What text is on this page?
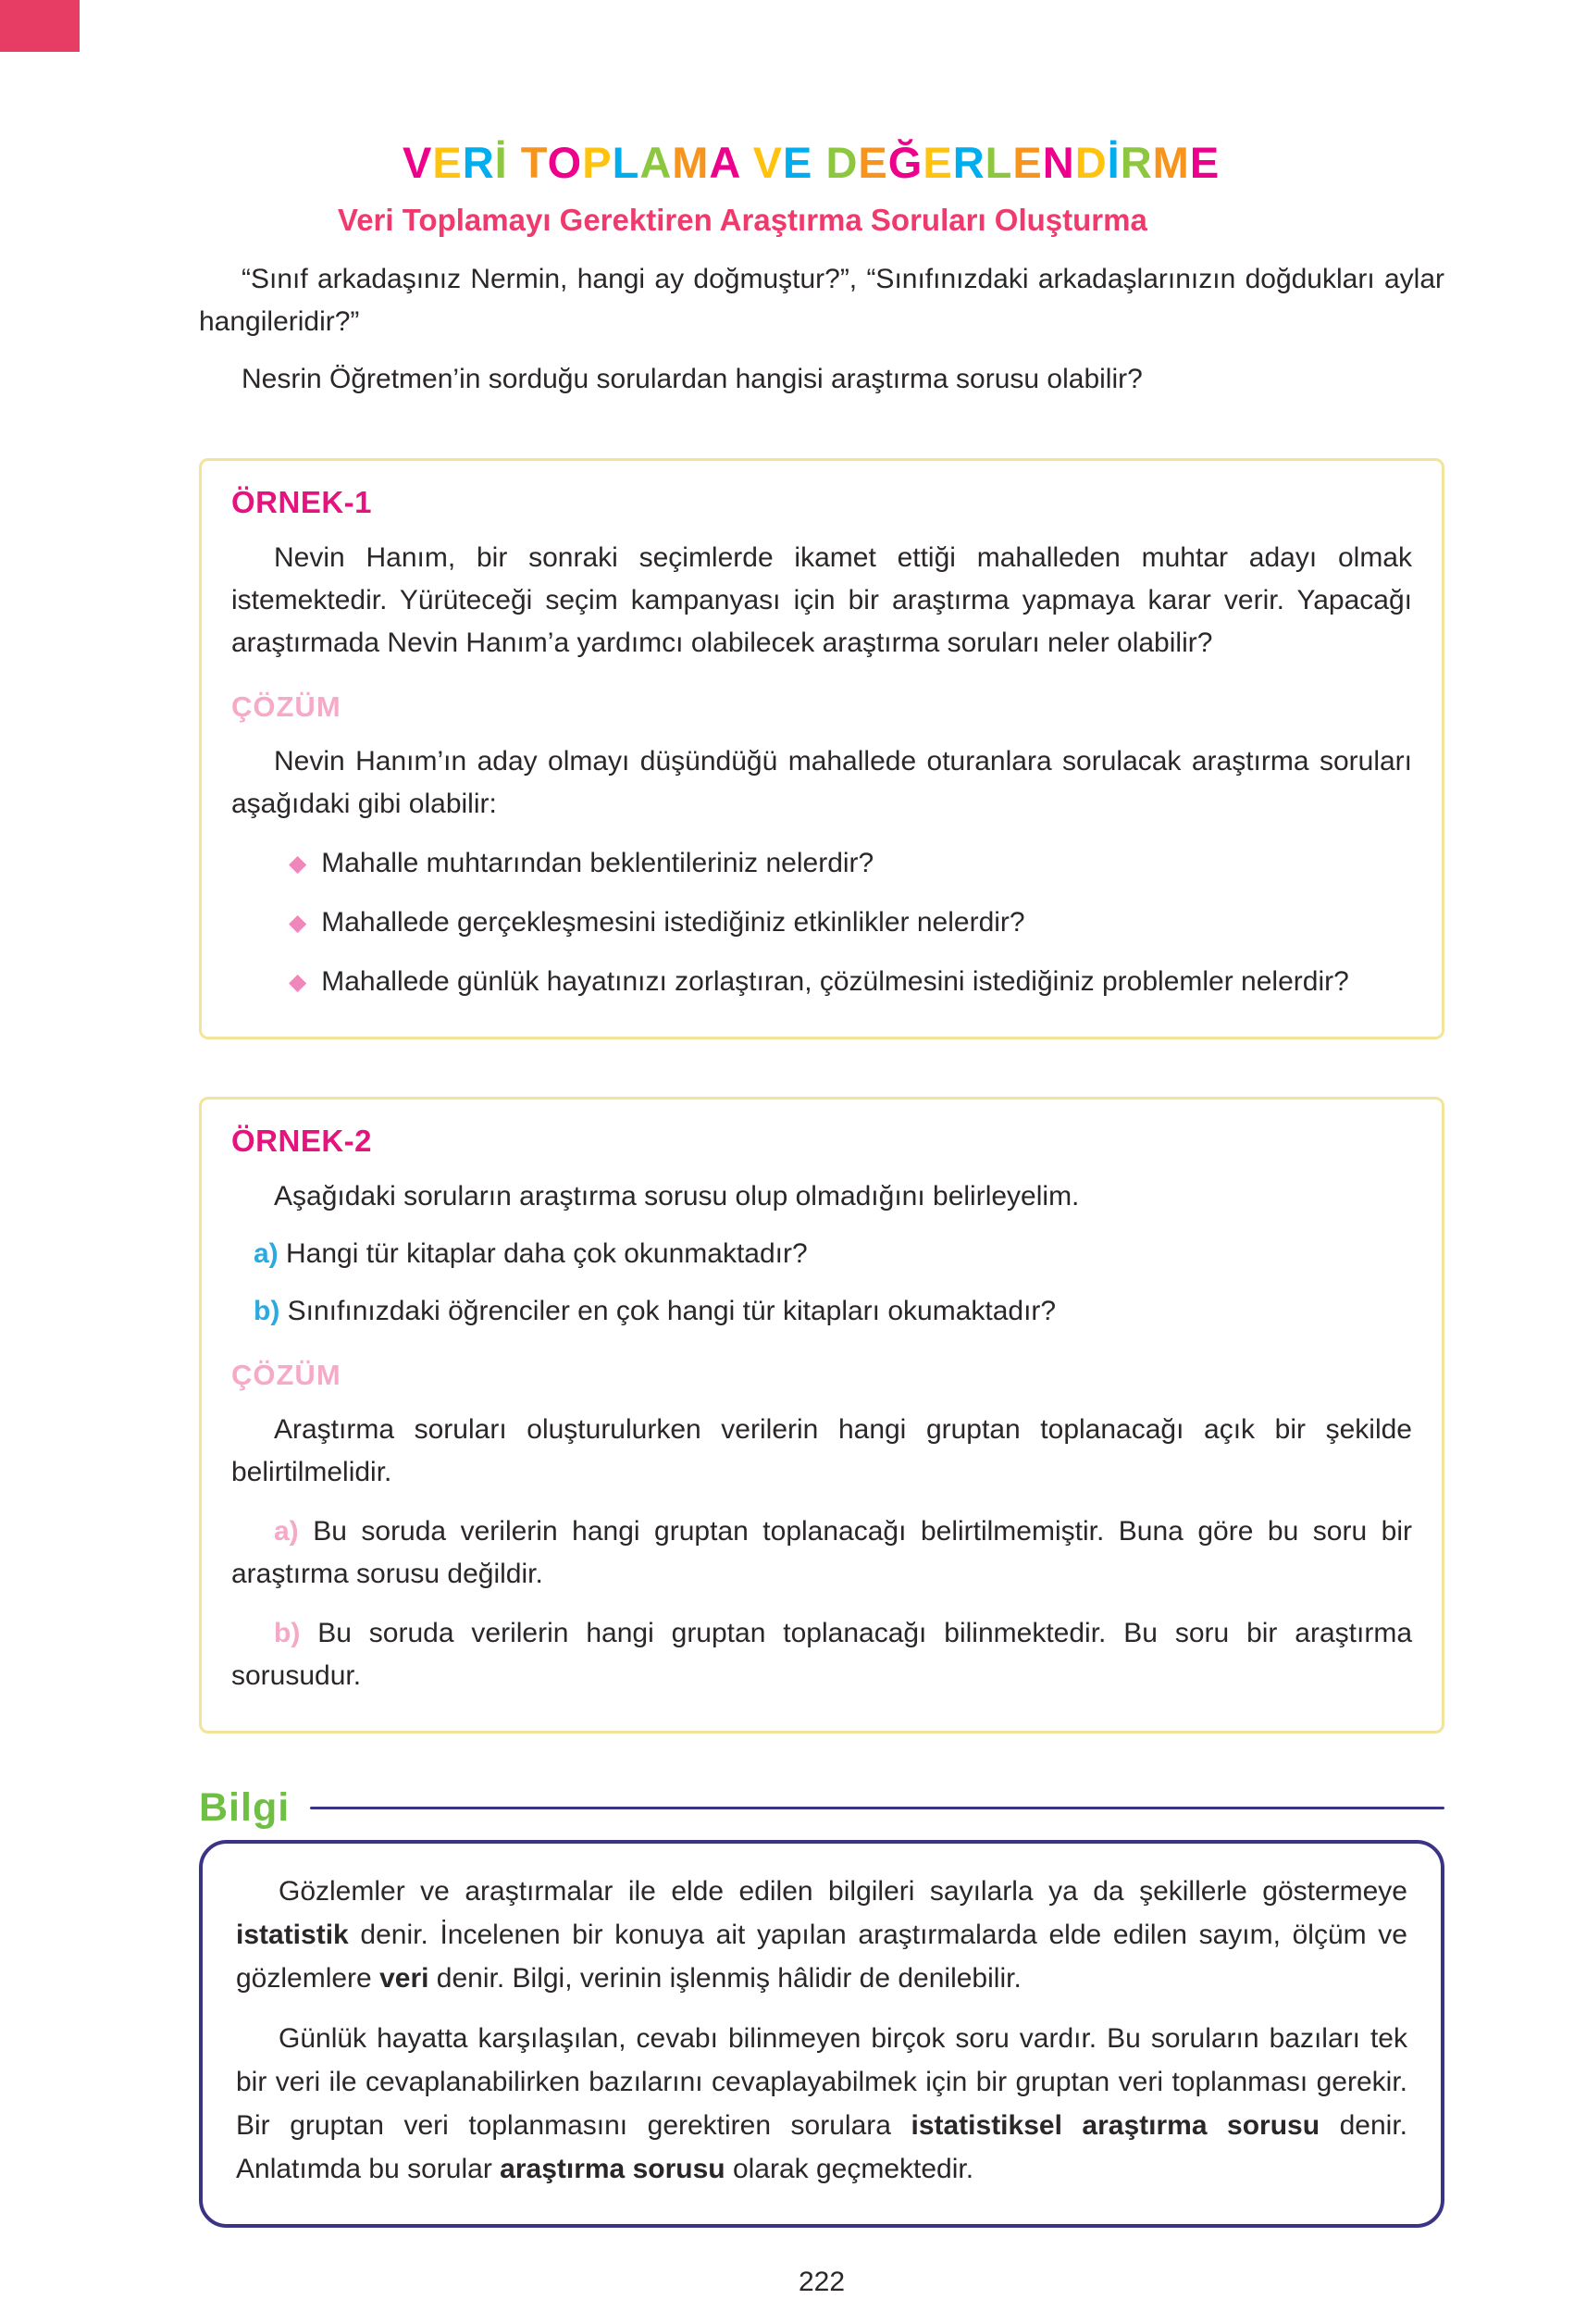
VERİ TOPLAMA VE DEĞERLENDİRME
Veri Toplamayı Gerektiren Araştırma Soruları Oluşturma

“Sınıf arkadaşınız Nermin, hangi ay doğmuştur?”, “Sınıfınızdaki arkadaşlarınızın doğdukları aylar hangileridir?”

Nesrin Öğretmen’in sorduğu sorulardan hangisi araştırma sorusu olabilir?

ÖRNEK-1

Nevin Hanım, bir sonraki seçimlerde ikamet ettiği mahalleden muhtar adayı olmak istemektedir. Yürüteceği seçim kampanyası için bir araştırma yapmaya karar verir. Yapacağı araştırmada Nevin Hanım’a yardımcı olabilecek araştırma soruları neler olabilir?

ÇÖZÜM

Nevin Hanım’ın aday olmayı düşündüğü mahallede oturanlara sorulacak araştırma soruları aşağıdaki gibi olabilir:

◆ Mahalle muhtarından beklentileriniz nelerdir?
◆ Mahallede gerçekleşmesini istediğiniz etkinlikler nelerdir?
◆ Mahallede günlük hayatınızı zorlaştıran, çözülmesini istediğiniz problemler nelerdir?
ÖRNEK-2

Aşağıdaki soruların araştırma sorusu olup olmadığını belirleyelim.

a) Hangi tür kitaplar daha çok okunmaktadır?

b) Sınıfınızdaki öğrenciler en çok hangi tür kitapları okumaktadır?

ÇÖZÜM

Araştırma soruları oluşturulurken verilerin hangi gruptan toplanacağı açık bir şekilde belirtilmelidir.

a) Bu soruda verilerin hangi gruptan toplanacağı belirtilmemiştir. Buna göre bu soru bir araştırma sorusu değildir.

b) Bu soruda verilerin hangi gruptan toplanacağı bilinmektedir. Bu soru bir araştırma sorusudur.

Bilgi

Gözlemler ve araştırmalar ile elde edilen bilgileri sayılarla ya da şekillerle göstermeye istatistik denir. İncelenen bir konuya ait yapılan araştırmalarda elde edilen sayım, ölçüm ve gözlemlere veri denir. Bilgi, verinin işlenmiş hâlidir de denilebilir.

Günlük hayatta karşılaşılan, cevabı bilinmeyen birçok soru vardır. Bu soruların bazıları tek bir veri ile cevaplanabilirken bazılarını cevaplayabilmek için bir gruptan veri toplanması gerekir. Bir gruptan veri toplanmasını gerektiren sorulara istatistiksel araştırma sorusu denir. Anlatımda bu sorular araştırma sorusu olarak geçmektedir.

222
